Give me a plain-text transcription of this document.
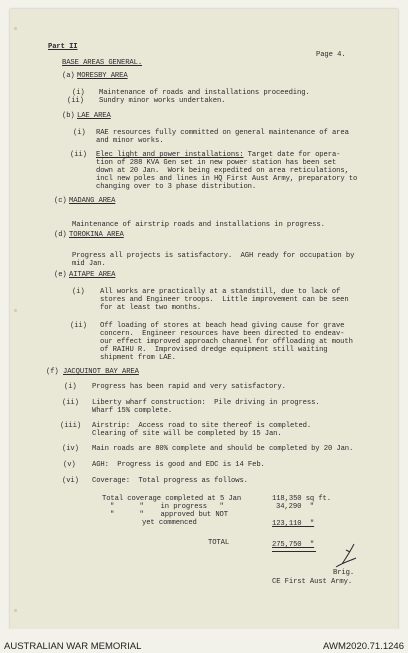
Part II
Page 4.
BASE AREAS GENERAL.
(a) MORESBY AREA
(i) Maintenance of roads and installations proceeding.
(ii) Sundry minor works undertaken.
(b) LAE AREA
(i) RAE resources fully committed on general maintenance of area
and minor works.
(ii) Elec light and power installations: Target date for opera-
tion of 288 KVA Gen set in new power station has been set
down at 20 Jan.  Work being expedited on area reticulations,
incl new poles and lines in HQ First Aust Army, preparatory to
changing over to 3 phase distribution.
(c) MADANG AREA
Maintenance of airstrip roads and installations in progress.
(d) TOROKINA AREA
Progress all projects is satisfactory.  AGH ready for occupation by
mid Jan.
(e) AITAPE AREA
(i) All works are practically at a standstill, due to lack of
stores and Engineer troops.  Little improvement can be seen
for at least two months.
(ii) Off loading of stores at beach head giving cause for grave
concern.  Engineer resources have been directed to endeav-
our effect improved approach channel for offloading at mouth
of RAIHU R.  Improvised dredge equipment still waiting
shipment from LAE.
(f) JACQUINOT BAY AREA
(i) Progress has been rapid and very satisfactory.
(ii) Liberty wharf construction:  Pile driving in progress.
Wharf 15% complete.
(iii) Airstrip:  Access road to site thereof is completed.
Clearing of site will be completed by 15 Jan.
(iv) Main roads are 80% complete and should be completed by 20 Jan.
(v) AGH:  Progress is good and EDC is 14 Feb.
(vi) Coverage:  Total progress as follows.
Total coverage completed at 5 Jan	118,350 sq ft.
"      "    in progress   "	34,290  "
"      "    approved but NOT
yet commenced	123,110  "
TOTAL	275,750  "
Brig.
CE First Aust Army.
AUSTRALIAN WAR MEMORIAL	AWM2020.71.1246
